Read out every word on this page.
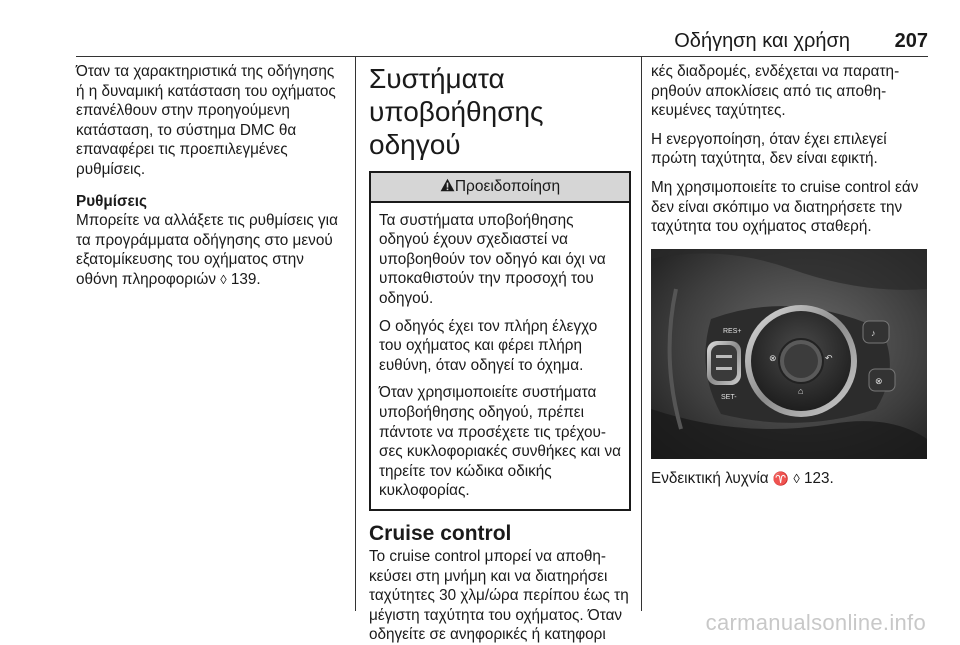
Οδήγηση και χρήση 207

Όταν τα χαρακτηριστικά της οδήγησης ή η δυναμική κατάσταση του οχήματος επανέλθουν στην προηγούμενη κατάσταση, το σύστημα DMC θα επαναφέρει τις προεπιλεγμένες ρυθμίσεις.

Ρυθμίσεις

Μπορείτε να αλλάξετε τις ρυθμίσεις για τα προγράμματα οδήγησης στο μενού εξατομίκευσης του οχήματος στην οθόνη πληροφοριών ◊ 139.

Συστήματα υποβοήθησης οδηγού

Προειδοποίηση

Τα συστήματα υποβοήθησης οδηγού έχουν σχεδιαστεί να υποβοηθούν τον οδηγό και όχι να υποκαθιστούν την προσοχή του οδηγού.

Ο οδηγός έχει τον πλήρη έλεγχο του οχήματος και φέρει πλήρη ευθύνη, όταν οδηγεί το όχημα.

Όταν χρησιμοποιείτε συστήματα υποβοήθησης οδηγού, πρέπει πάντοτε να προσέχετε τις τρέχουσες κυκλοφοριακές συνθήκες και να τηρείτε τον κώδικα οδικής κυκλοφορίας.

Cruise control

Το cruise control μπορεί να αποθηκεύσει στη μνήμη και να διατηρήσει ταχύτητες 30 χλμ/ώρα περίπου έως τη μέγιστη ταχύτητα του οχήματος. Όταν οδηγείτε σε ανηφορικές ή κατηφορι

κές διαδρομές, ενδέχεται να παρατηρηθούν αποκλίσεις από τις αποθηκευμένες ταχύτητες.

Η ενεργοποίηση, όταν έχει επιλεγεί πρώτη ταχύτητα, δεν είναι εφικτή.

Μη χρησιμοποιείτε το cruise control εάν δεν είναι σκόπιμο να διατηρήσετε την ταχύτητα του οχήματος σταθερή.

⊗	↶
⌂
RES+
SET-
♪
⊗

Ενδεικτική λυχνία ♈ ◊ 123.

carmanualsonline.info
